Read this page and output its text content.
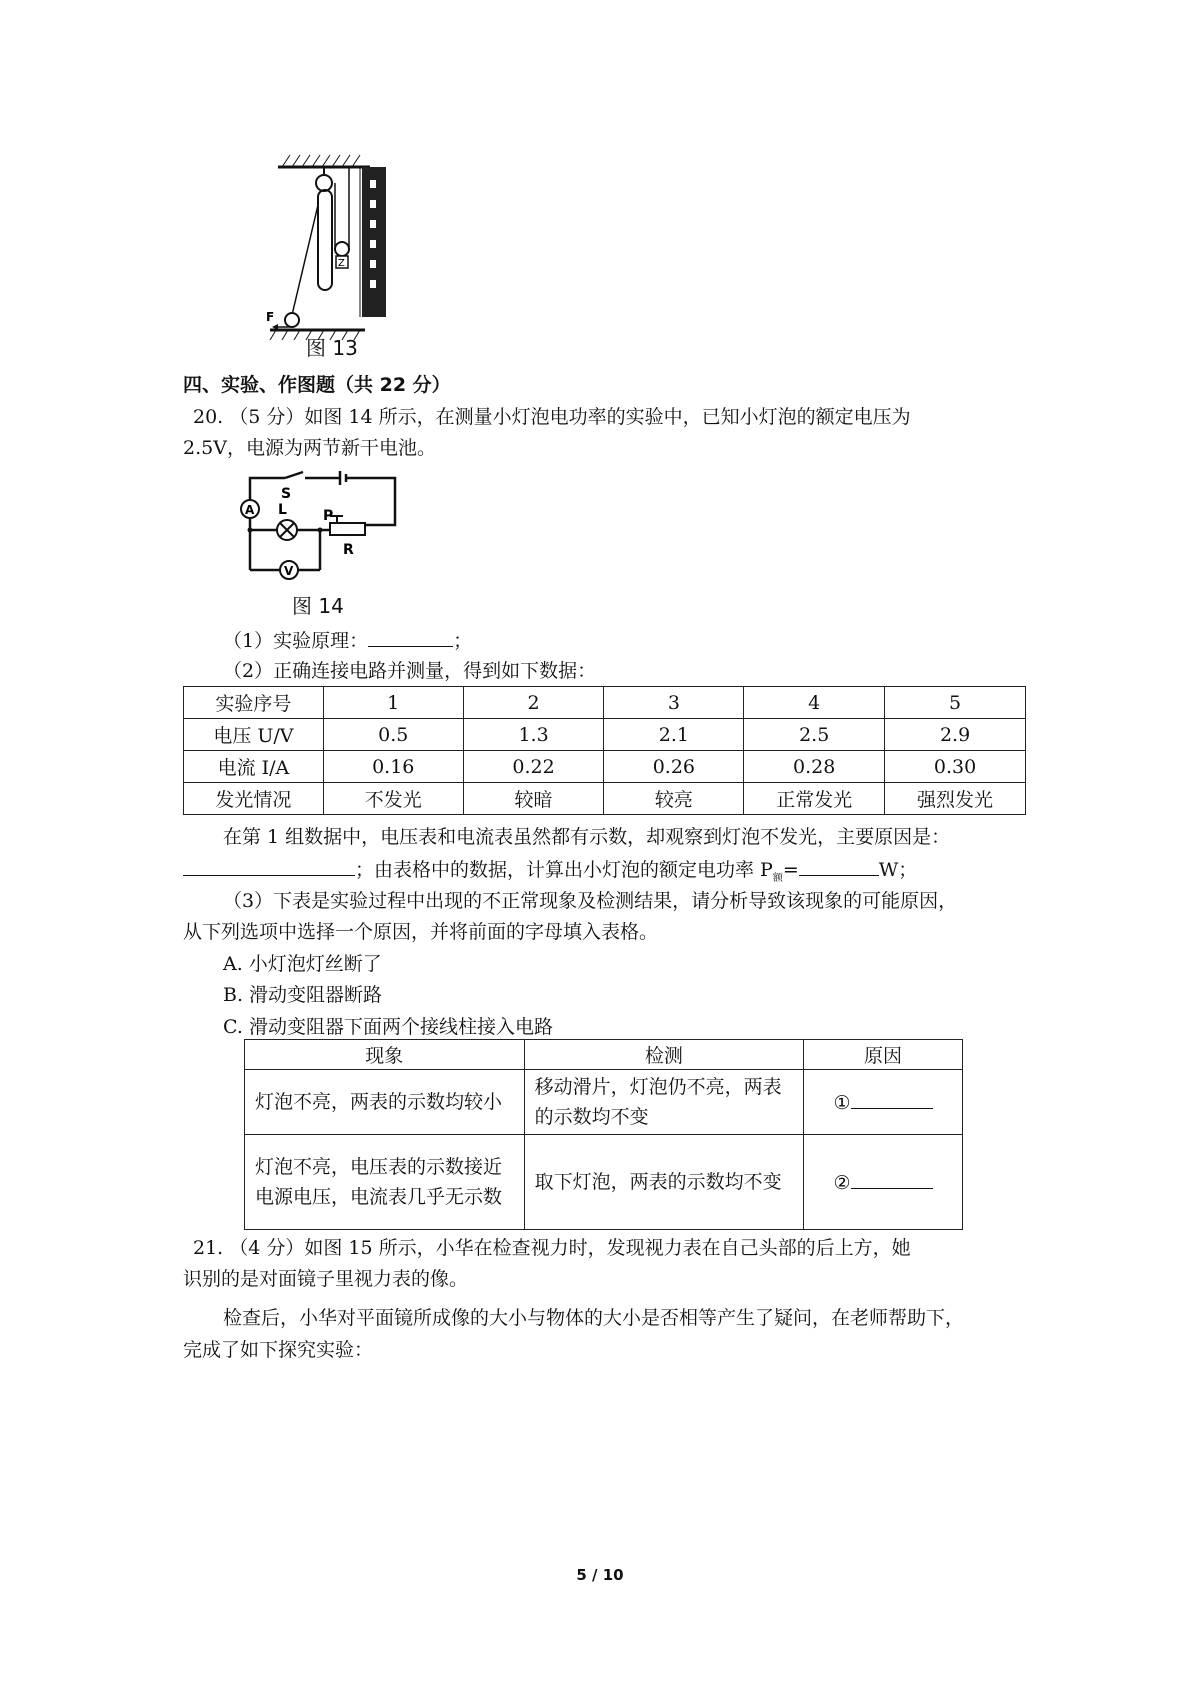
Z
F
图 13
四、实验、作图题（共 22 分）
20. （5 分）如图 14 所示，在测量小灯泡电功率的实验中，已知小灯泡的额定电压为
2.5V，电源为两节新干电池。
A
V
S
L	P
R
图 14
（1）实验原理：	；
（2）正确连接电路并测量，得到如下数据：
实验序号	1	2	3	4	5
电压 U/V	0.5	1.3	2.1	2.5	2.9
电流 I/A	0.16	0.22	0.26	0.28	0.30
发光情况	不发光	较暗	较亮	正常发光	强烈发光
在第 1 组数据中，电压表和电流表虽然都有示数，却观察到灯泡不发光，主要原因是：
；由表格中的数据，计算出小灯泡的额定电功率 $P_额=$	W；
（3）下表是实验过程中出现的不正常现象及检测结果，请分析导致该现象的可能原因，
从下列选项中选择一个原因，并将前面的字母填入表格。
A. 小灯泡灯丝断了
B. 滑动变阻器断路
C. 滑动变阻器下面两个接线柱接入电路
现象	检测	原因
灯泡不亮，两表的示数均较小	移动滑片，灯泡仍不亮，两表的示数均不变	①
灯泡不亮，电压表的示数接近电源电压，电流表几乎无示数	取下灯泡，两表的示数均不变	②
21. （4 分）如图 15 所示，小华在检查视力时，发现视力表在自己头部的后上方，她
识别的是对面镜子里视力表的像。
检查后，小华对平面镜所成像的大小与物体的大小是否相等产生了疑问，在老师帮助下，
完成了如下探究实验：
5 / 10
